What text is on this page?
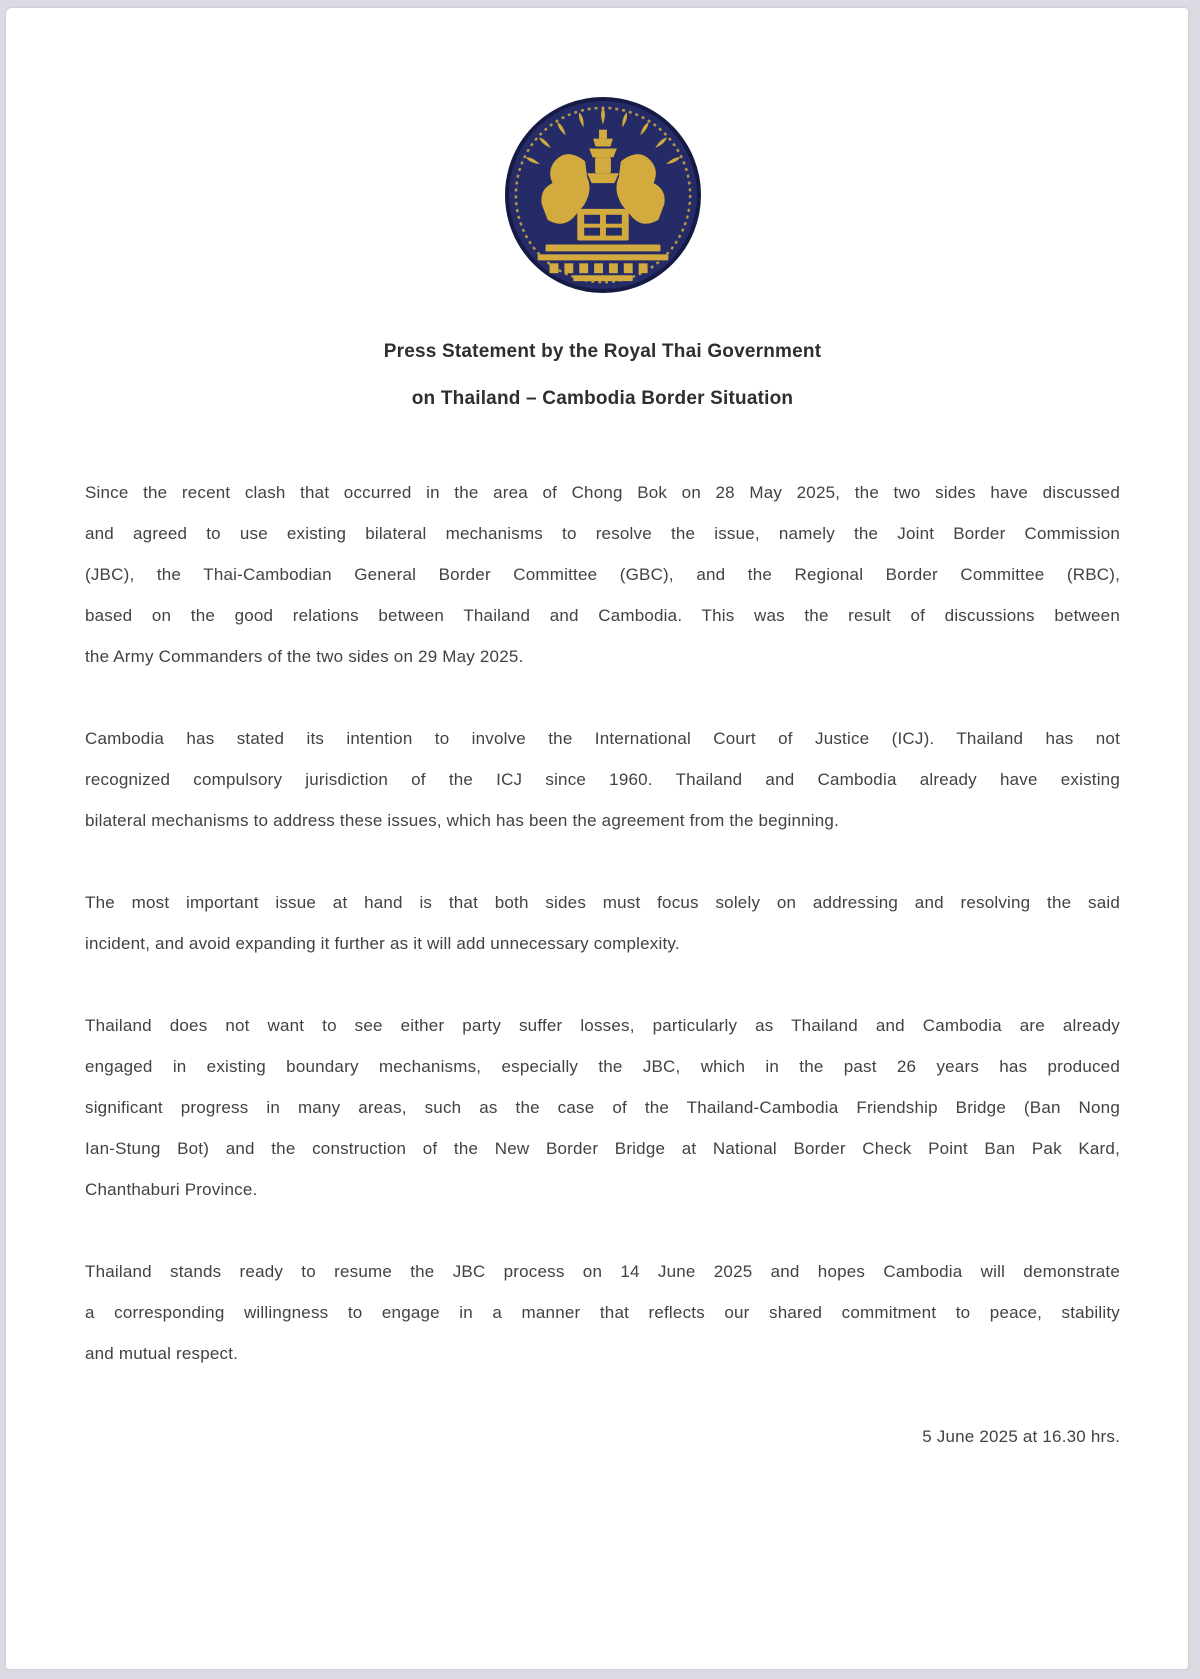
Press Statement by the Royal Thai Government
on Thailand – Cambodia Border Situation
Since the recent clash that occurred in the area of Chong Bok on 28 May 2025, the two sides have discussed
and agreed to use existing bilateral mechanisms to resolve the issue, namely the Joint Border Commission
(JBC), the Thai-Cambodian General Border Committee (GBC), and the Regional Border Committee (RBC),
based on the good relations between Thailand and Cambodia. This was the result of discussions between
the Army Commanders of the two sides on 29 May 2025.
Cambodia has stated its intention to involve the International Court of Justice (ICJ). Thailand has not
recognized compulsory jurisdiction of the ICJ since 1960. Thailand and Cambodia already have existing
bilateral mechanisms to address these issues, which has been the agreement from the beginning.
The most important issue at hand is that both sides must focus solely on addressing and resolving the said
incident, and avoid expanding it further as it will add unnecessary complexity.
Thailand does not want to see either party suffer losses, particularly as Thailand and Cambodia are already
engaged in existing boundary mechanisms, especially the JBC, which in the past 26 years has produced
significant progress in many areas, such as the case of the Thailand-Cambodia Friendship Bridge (Ban Nong
Ian-Stung Bot) and the construction of the New Border Bridge at National Border Check Point Ban Pak Kard,
Chanthaburi Province.
Thailand stands ready to resume the JBC process on 14 June 2025 and hopes Cambodia will demonstrate
a corresponding willingness to engage in a manner that reflects our shared commitment to peace, stability
and mutual respect.
5 June 2025 at 16.30 hrs.
